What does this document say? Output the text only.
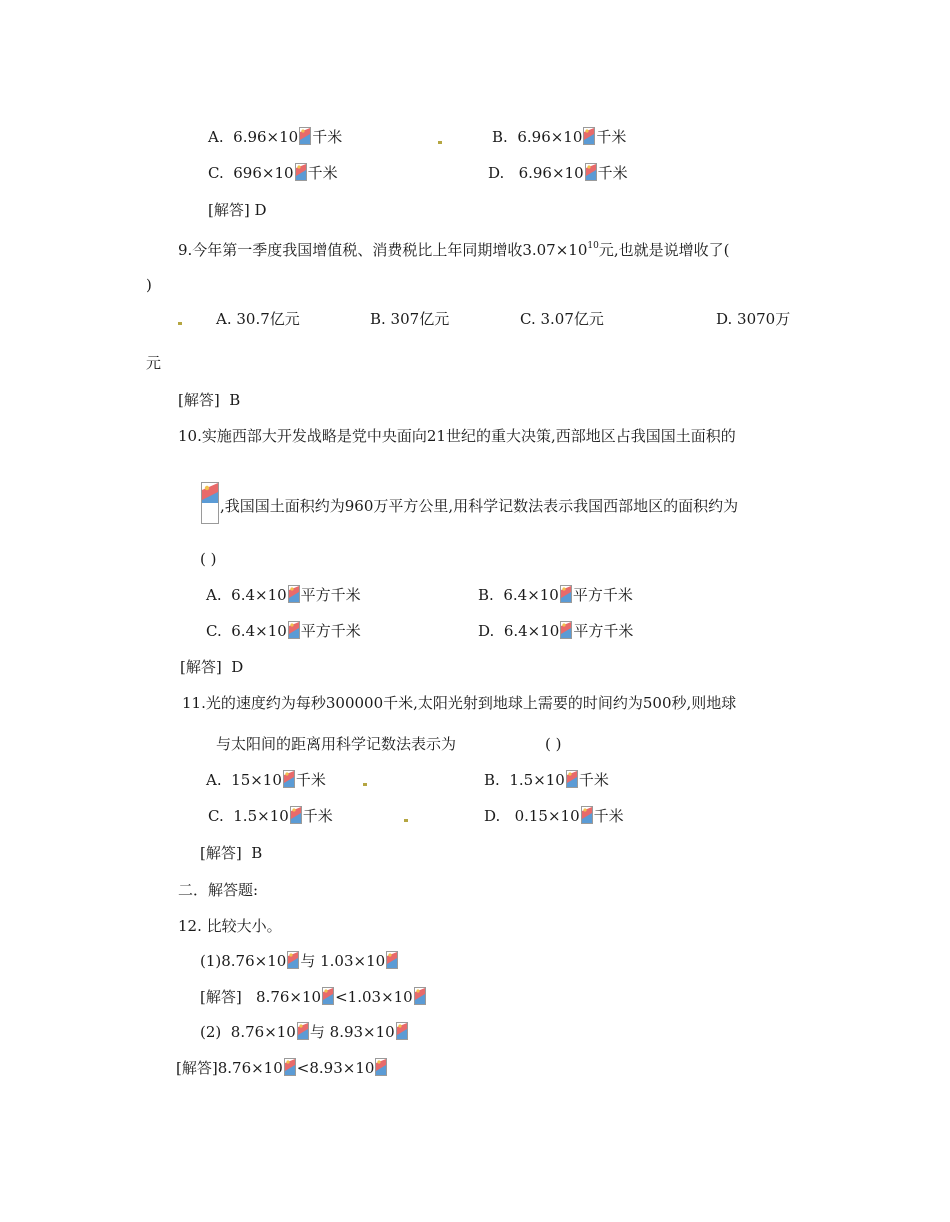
A. 6.96×10 千米	B. 6.96×10 千米
C. 696×10 千米	D. 6.96×10 千米
[解答] D
9.今年第一季度我国增值税、消费税比上年同期增收$3.07\times 10^{10}$元,也就是说增收了(
)
A. 30.7亿元	B. 307亿元	C. 3.07亿元	D. 3070万
元
[解答] B
10.实施西部大开发战略是党中央面向21世纪的重大决策,西部地区占我国国土面积的
,我国国土面积约为960万平方公里,用科学记数法表示我国西部地区的面积约为
( )
A. 6.4×10 平方千米	B. 6.4×10 平方千米
C. 6.4×10 平方千米	D. 6.4×10 平方千米
[解答] D
11.光的速度约为每秒300000千米,太阳光射到地球上需要的时间约为500秒,则地球
与太阳间的距离用科学记数法表示为	( )
A. 15×10 千米	B. 1.5×10 千米
C. 1.5×10 千米	D. 0.15×10 千米
[解答] B
二．解答题:
12. 比较大小。
(1)8.76×10 与 1.03×10
[解答] 8.76×10 <1.03×10
(2) 8.76×10 与 8.93×10
[解答]8.76×10 <8.93×10
